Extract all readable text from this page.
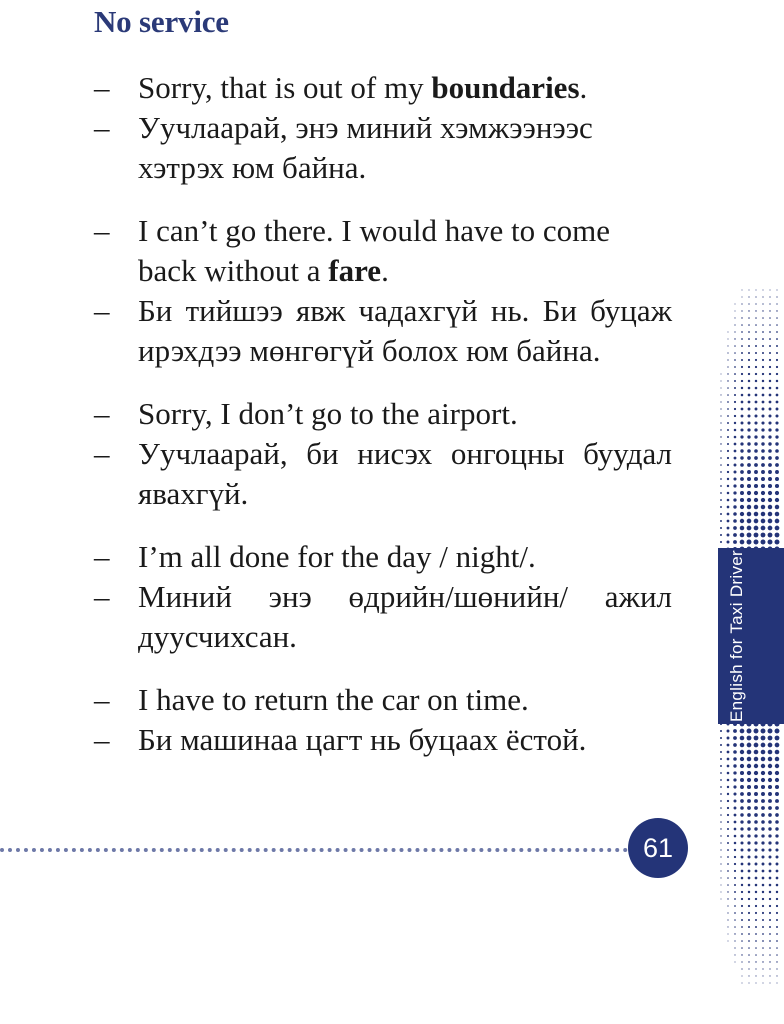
No service
– Sorry, that is out of my boundaries.
– Уучлаарай, энэ миний хэмжээнээс хэтрэх юм байна.
– I can’t go there. I would have to come back without a fare.
– Би тийшээ явж чадахгүй нь. Би буцаж ирэхдээ мөнгөгүй болох юм байна.
– Sorry, I don’t go to the airport.
– Уучлаарай, би нисэх онгоцны буудал явахгүй.
– I’m all done for the day / night/.
– Миний энэ өдрийн/шөнийн/ ажил дуусчихсан.
– I have to return the car on time.
– Би машинаа цагт нь буцаах ёстой.
English for Taxi Driver
61
